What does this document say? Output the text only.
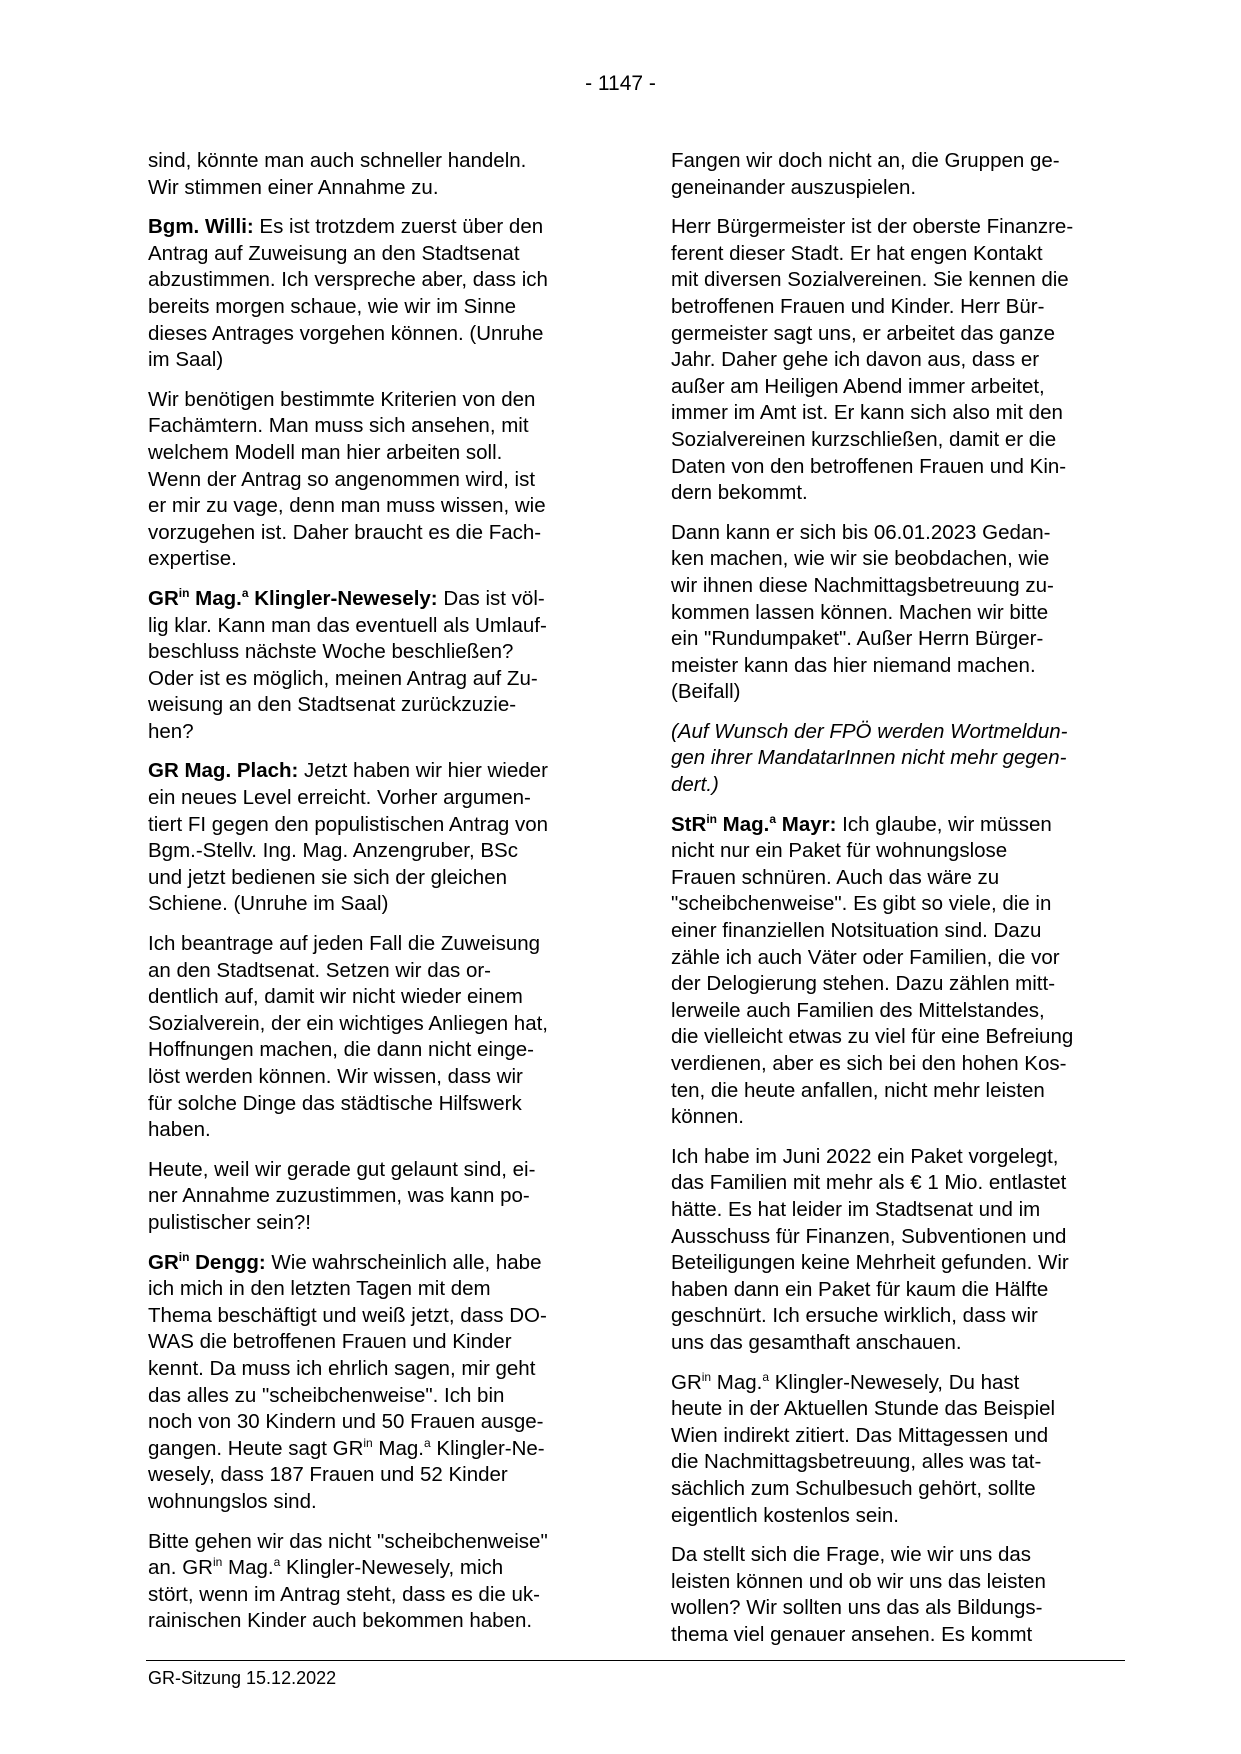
- 1147 -

sind, könnte man auch schneller handeln.
Wir stimmen einer Annahme zu.

Bgm. Willi: Es ist trotzdem zuerst über den
Antrag auf Zuweisung an den Stadtsenat
abzustimmen. Ich verspreche aber, dass ich
bereits morgen schaue, wie wir im Sinne
dieses Antrages vorgehen können. (Unruhe
im Saal)

Wir benötigen bestimmte Kriterien von den
Fachämtern. Man muss sich ansehen, mit
welchem Modell man hier arbeiten soll.
Wenn der Antrag so angenommen wird, ist
er mir zu vage, denn man muss wissen, wie
vorzugehen ist. Daher braucht es die Fach-
expertise.

$GR^{in}$ Mag.$^a$ Klingler-Newesely: Das ist völ-
lig klar. Kann man das eventuell als Umlauf-
beschluss nächste Woche beschließen?
Oder ist es möglich, meinen Antrag auf Zu-
weisung an den Stadtsenat zurückzuzie-
hen?

GR Mag. Plach: Jetzt haben wir hier wieder
ein neues Level erreicht. Vorher argumen-
tiert FI gegen den populistischen Antrag von
Bgm.-Stellv. Ing. Mag. Anzengruber, BSc
und jetzt bedienen sie sich der gleichen
Schiene. (Unruhe im Saal)

Ich beantrage auf jeden Fall die Zuweisung
an den Stadtsenat. Setzen wir das or-
dentlich auf, damit wir nicht wieder einem
Sozialverein, der ein wichtiges Anliegen hat,
Hoffnungen machen, die dann nicht einge-
löst werden können. Wir wissen, dass wir
für solche Dinge das städtische Hilfswerk
haben.

Heute, weil wir gerade gut gelaunt sind, ei-
ner Annahme zuzustimmen, was kann po-
pulistischer sein?!

$GR^{in}$ Dengg: Wie wahrscheinlich alle, habe
ich mich in den letzten Tagen mit dem
Thema beschäftigt und weiß jetzt, dass DO-
WAS die betroffenen Frauen und Kinder
kennt. Da muss ich ehrlich sagen, mir geht
das alles zu "scheibchenweise". Ich bin
noch von 30 Kindern und 50 Frauen ausge-
gangen. Heute sagt $GR^{in}$ Mag.$^a$ Klingler-Ne-
wesely, dass 187 Frauen und 52 Kinder
wohnungslos sind.

Bitte gehen wir das nicht "scheibchenweise"
an. $GR^{in}$ Mag.$^a$ Klingler-Newesely, mich
stört, wenn im Antrag steht, dass es die uk-
rainischen Kinder auch bekommen haben.

Fangen wir doch nicht an, die Gruppen ge-
geneinander auszuspielen.

Herr Bürgermeister ist der oberste Finanzre-
ferent dieser Stadt. Er hat engen Kontakt
mit diversen Sozialvereinen. Sie kennen die
betroffenen Frauen und Kinder. Herr Bür-
germeister sagt uns, er arbeitet das ganze
Jahr. Daher gehe ich davon aus, dass er
außer am Heiligen Abend immer arbeitet,
immer im Amt ist. Er kann sich also mit den
Sozialvereinen kurzschließen, damit er die
Daten von den betroffenen Frauen und Kin-
dern bekommt.

Dann kann er sich bis 06.01.2023 Gedan-
ken machen, wie wir sie beobdachen, wie
wir ihnen diese Nachmittagsbetreuung zu-
kommen lassen können. Machen wir bitte
ein "Rundumpaket". Außer Herrn Bürger-
meister kann das hier niemand machen.
(Beifall)

(Auf Wunsch der FPÖ werden Wortmeldun-
gen ihrer MandatarInnen nicht mehr gegen-
dert.)

StR$^{in}$ Mag.$^a$ Mayr: Ich glaube, wir müssen
nicht nur ein Paket für wohnungslose
Frauen schnüren. Auch das wäre zu
"scheibchenweise". Es gibt so viele, die in
einer finanziellen Notsituation sind. Dazu
zähle ich auch Väter oder Familien, die vor
der Delogierung stehen. Dazu zählen mitt-
lerweile auch Familien des Mittelstandes,
die vielleicht etwas zu viel für eine Befreiung
verdienen, aber es sich bei den hohen Kos-
ten, die heute anfallen, nicht mehr leisten
können.

Ich habe im Juni 2022 ein Paket vorgelegt,
das Familien mit mehr als € 1 Mio. entlastet
hätte. Es hat leider im Stadtsenat und im
Ausschuss für Finanzen, Subventionen und
Beteiligungen keine Mehrheit gefunden. Wir
haben dann ein Paket für kaum die Hälfte
geschnürt. Ich ersuche wirklich, dass wir
uns das gesamthaft anschauen.

$GR^{in}$ Mag.$^a$ Klingler-Newesely, Du hast
heute in der Aktuellen Stunde das Beispiel
Wien indirekt zitiert. Das Mittagessen und
die Nachmittagsbetreuung, alles was tat-
sächlich zum Schulbesuch gehört, sollte
eigentlich kostenlos sein.

Da stellt sich die Frage, wie wir uns das
leisten können und ob wir uns das leisten
wollen? Wir sollten uns das als Bildungs-
thema viel genauer ansehen. Es kommt

GR-Sitzung 15.12.2022
